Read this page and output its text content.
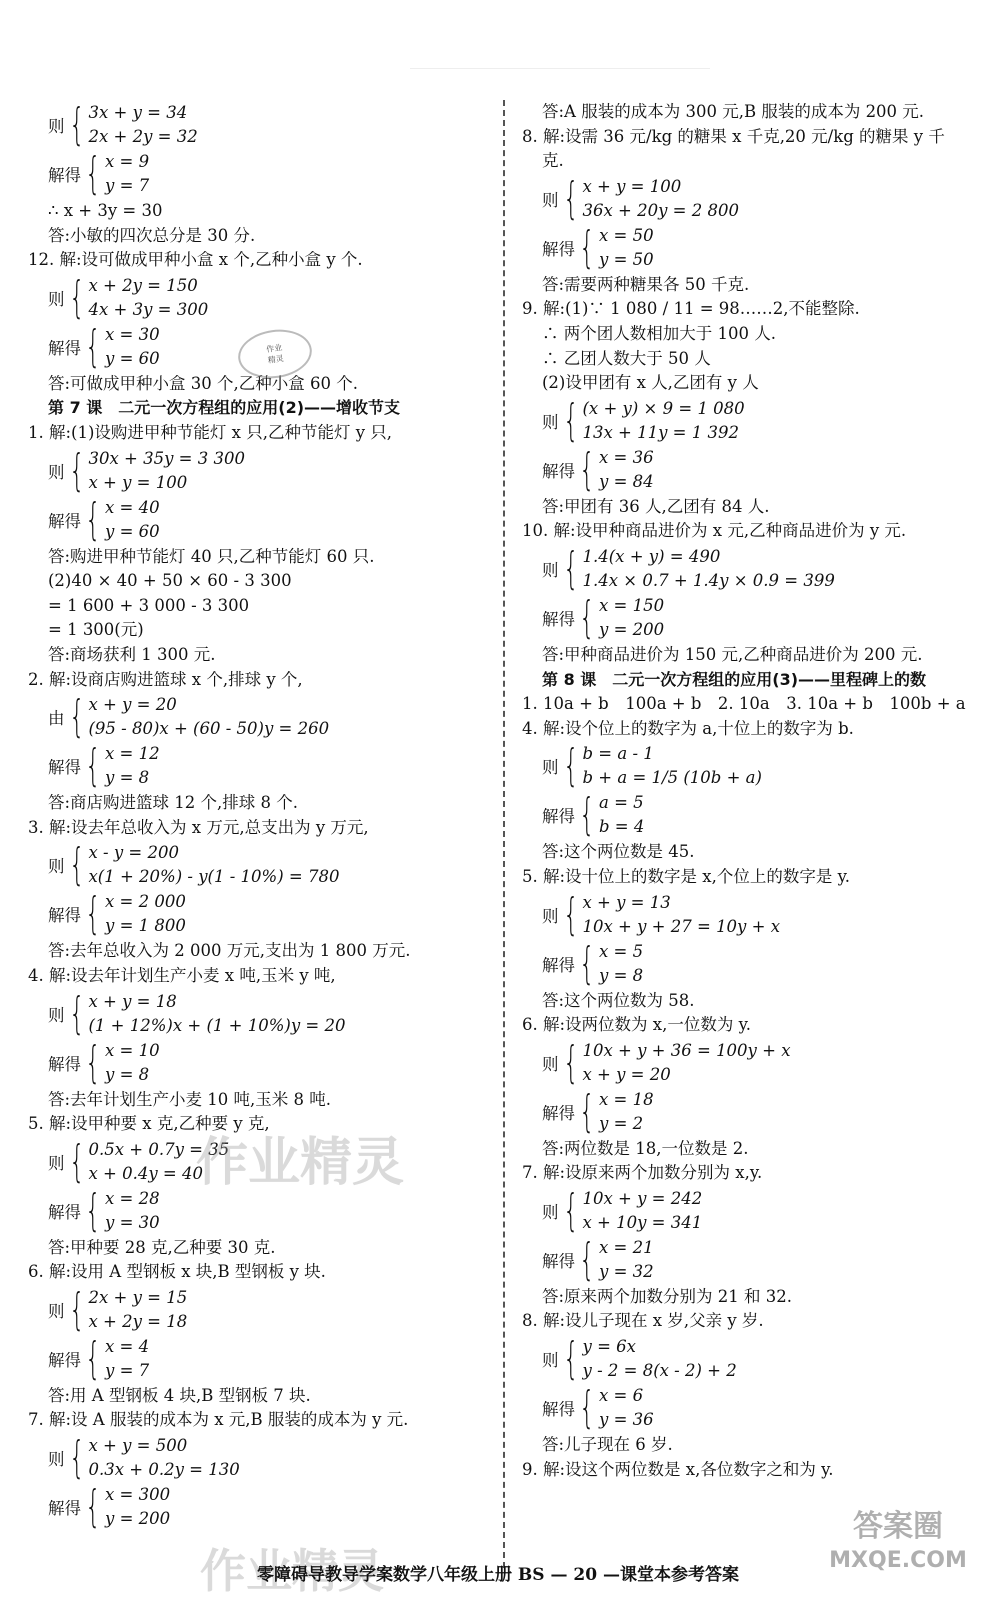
则 { 3x + y = 34
2x + 2y = 32
解得 { x = 9
y = 7
∴ x + 3y = 30
答:小敏的四次总分是 30 分.
12. 解:设可做成甲种小盒 x 个,乙种小盒 y 个.
则 { x + 2y = 150
4x + 3y = 300
解得 { x = 30
y = 60
答:可做成甲种小盒 30 个,乙种小盒 60 个.
第 7 课　二元一次方程组的应用(2)——增收节支
1. 解:(1)设购进甲种节能灯 x 只,乙种节能灯 y 只,
则 { 30x + 35y = 3 300
x + y = 100
解得 { x = 40
y = 60
答:购进甲种节能灯 40 只,乙种节能灯 60 只.
(2)40 × 40 + 50 × 60 - 3 300
= 1 600 + 3 000 - 3 300
= 1 300(元)
答:商场获利 1 300 元.
2. 解:设商店购进篮球 x 个,排球 y 个,
由 { x + y = 20
(95 - 80)x + (60 - 50)y = 260
解得 { x = 12
y = 8
答:商店购进篮球 12 个,排球 8 个.
3. 解:设去年总收入为 x 万元,总支出为 y 万元,
则 { x - y = 200
x(1 + 20%) - y(1 - 10%) = 780
解得 { x = 2 000
y = 1 800
答:去年总收入为 2 000 万元,支出为 1 800 万元.
4. 解:设去年计划生产小麦 x 吨,玉米 y 吨,
则 { x + y = 18
(1 + 12%)x + (1 + 10%)y = 20
解得 { x = 10
y = 8
答:去年计划生产小麦 10 吨,玉米 8 吨.
5. 解:设甲种要 x 克,乙种要 y 克,
则 { 0.5x + 0.7y = 35
x + 0.4y = 40
解得 { x = 28
y = 30
答:甲种要 28 克,乙种要 30 克.
6. 解:设用 A 型钢板 x 块,B 型钢板 y 块.
则 { 2x + y = 15
x + 2y = 18
解得 { x = 4
y = 7
答:用 A 型钢板 4 块,B 型钢板 7 块.
7. 解:设 A 服装的成本为 x 元,B 服装的成本为 y 元.
则 { x + y = 500
0.3x + 0.2y = 130
解得 { x = 300
y = 200
答:A 服装的成本为 300 元,B 服装的成本为 200 元.
8. 解:设需 36 元/kg 的糖果 x 千克,20 元/kg 的糖果 y 千
克.
则 { x + y = 100
36x + 20y = 2 800
解得 { x = 50
y = 50
答:需要两种糖果各 50 千克.
9. 解:(1)∵ 1 080 / 11 = 98……2,不能整除.
∴ 两个团人数相加大于 100 人.
∴ 乙团人数大于 50 人
(2)设甲团有 x 人,乙团有 y 人
则 { (x + y) × 9 = 1 080
13x + 11y = 1 392
解得 { x = 36
y = 84
答:甲团有 36 人,乙团有 84 人.
10. 解:设甲种商品进价为 x 元,乙种商品进价为 y 元.
则 { 1.4(x + y) = 490
1.4x × 0.7 + 1.4y × 0.9 = 399
解得 { x = 150
y = 200
答:甲种商品进价为 150 元,乙种商品进价为 200 元.
第 8 课　二元一次方程组的应用(3)——里程碑上的数
1. 10a + b　100a + b　2. 10a　3. 10a + b　100b + a
4. 解:设个位上的数字为 a,十位上的数字为 b.
则 { b = a - 1
b + a = 1/5 (10b + a)
解得 { a = 5
b = 4
答:这个两位数是 45.
5. 解:设十位上的数字是 x,个位上的数字是 y.
则 { x + y = 13
10x + y + 27 = 10y + x
解得 { x = 5
y = 8
答:这个两位数为 58.
6. 解:设两位数为 x,一位数为 y.
则 { 10x + y + 36 = 100y + x
x + y = 20
解得 { x = 18
y = 2
答:两位数是 18,一位数是 2.
7. 解:设原来两个加数分别为 x,y.
则 { 10x + y = 242
x + 10y = 341
解得 { x = 21
y = 32
答:原来两个加数分别为 21 和 32.
8. 解:设儿子现在 x 岁,父亲 y 岁.
则 { y = 6x
y - 2 = 8(x - 2) + 2
解得 { x = 6
y = 36
答:儿子现在 6 岁.
9. 解:设这个两位数是 x,各位数字之和为 y.
作业精灵
作业精灵
作业
精灵
答案圈
MXQE.COM
零障碍导教导学案数学八年级上册 BS — 20 —课堂本参考答案
